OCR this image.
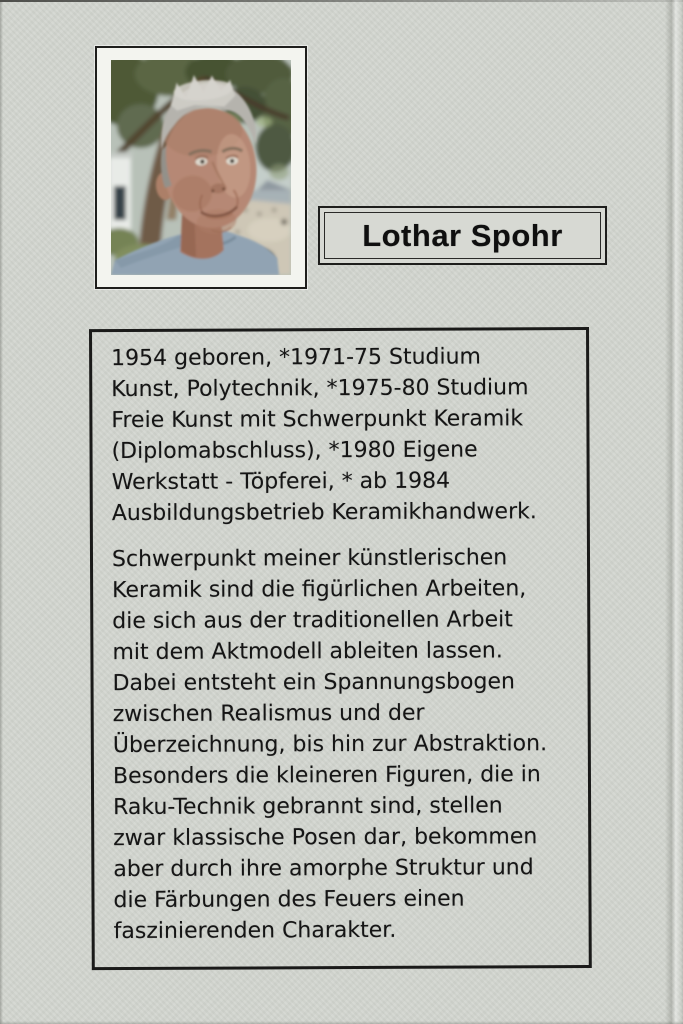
Lothar Spohr

1954 geboren, *1971-75 Studium
Kunst, Polytechnik, *1975-80 Studium
Freie Kunst mit Schwerpunkt Keramik
(Diplomabschluss), *1980 Eigene
Werkstatt - Töpferei, * ab 1984
Ausbildungsbetrieb Keramikhandwerk.

Schwerpunkt meiner künstlerischen
Keramik sind die figürlichen Arbeiten,
die sich aus der traditionellen Arbeit
mit dem Aktmodell ableiten lassen.
Dabei entsteht ein Spannungsbogen
zwischen Realismus und der
Überzeichnung, bis hin zur Abstraktion.
Besonders die kleineren Figuren, die in
Raku-Technik gebrannt sind, stellen
zwar klassische Posen dar, bekommen
aber durch ihre amorphe Struktur und
die Färbungen des Feuers einen
faszinierenden Charakter.
